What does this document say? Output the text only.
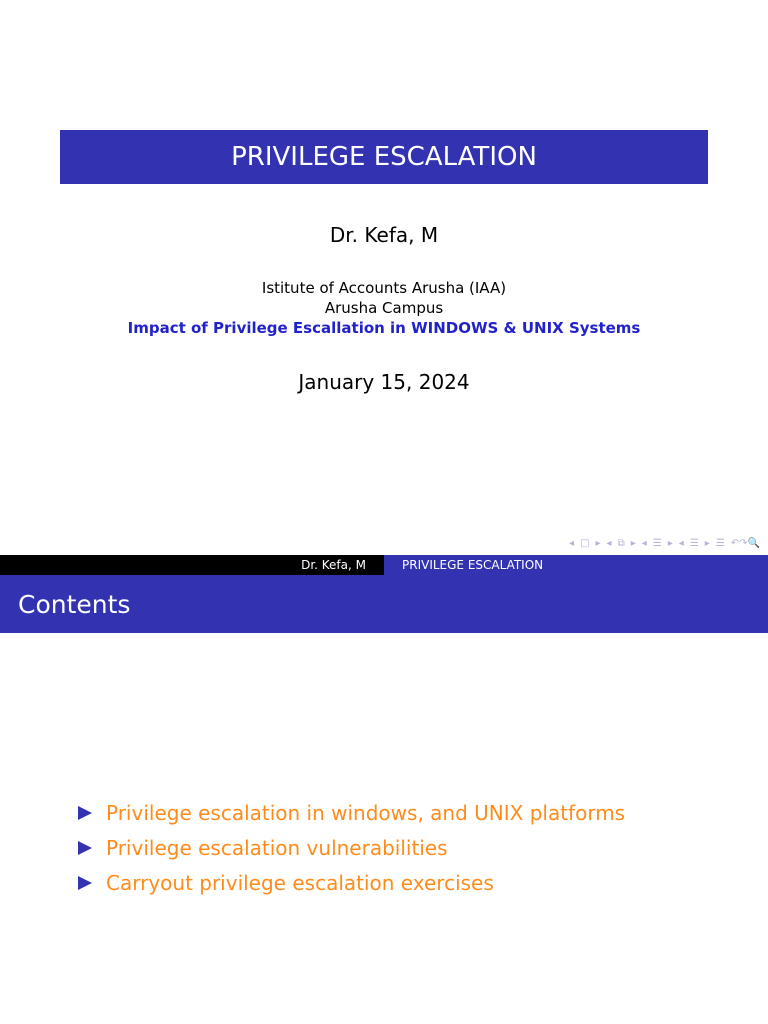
PRIVILEGE ESCALATION
Dr. Kefa, M
Istitute of Accounts Arusha (IAA)
Arusha Campus
Impact of Privilege Escallation in WINDOWS & UNIX Systems
January 15, 2024
◂ □ ▸ ◂ ⧉ ▸ ◂ ☰ ▸ ◂ ☰ ▸ ☰ ↶↷🔍
Dr. Kefa, M	PRIVILEGE ESCALATION
Contents
Privilege escalation in windows, and UNIX platforms
Privilege escalation vulnerabilities
Carryout privilege escalation exercises
